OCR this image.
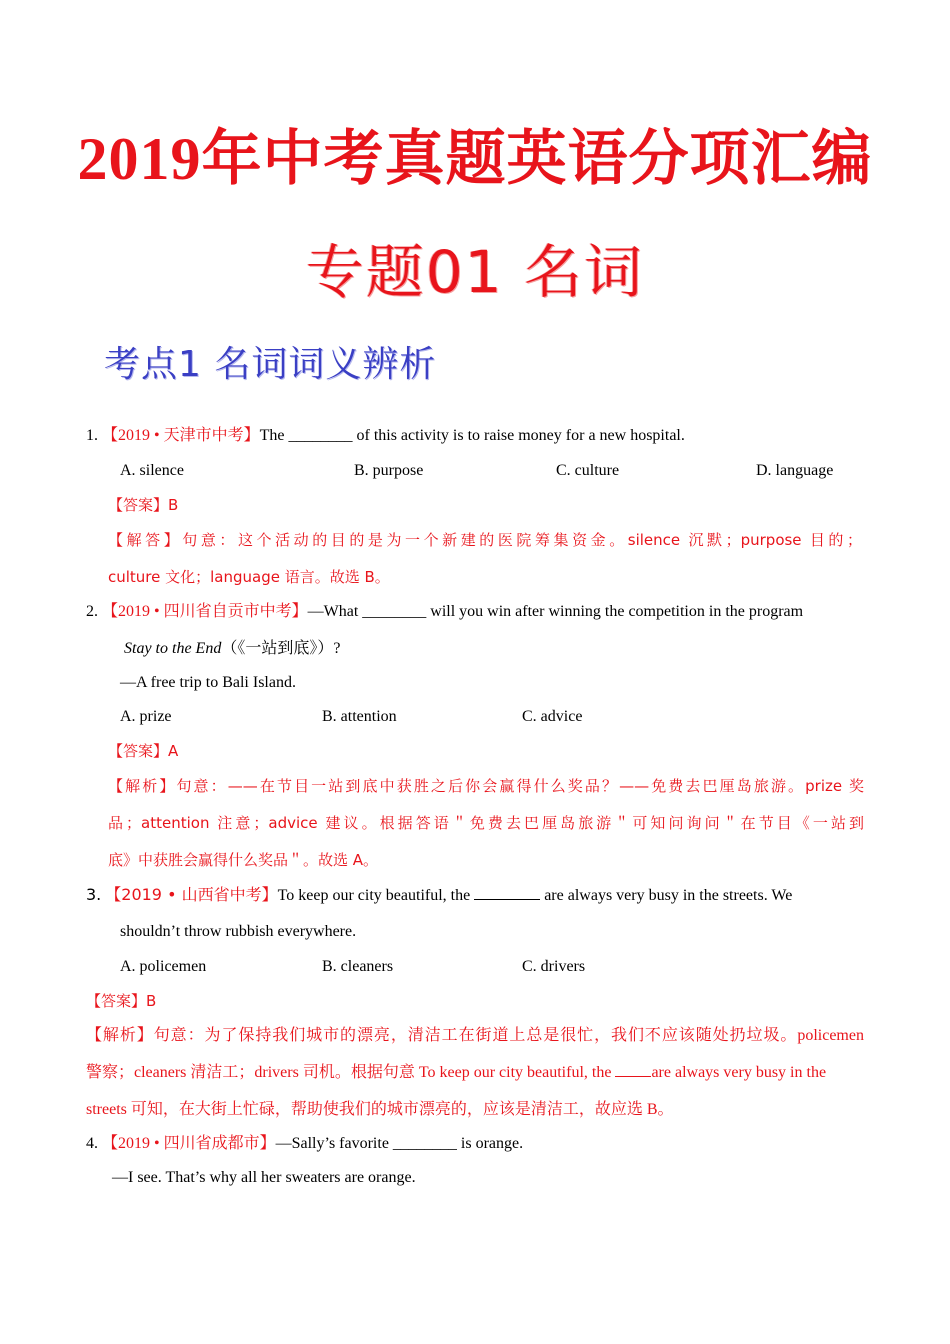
2019年中考真题英语分项汇编
专题01 名词
考点1 名词词义辨析
1. 【2019 • 天津市中考】The ________ of this activity is to raise money for a new hospital.
A. silence	B. purpose	C. culture	D. language
【答案】B
【解答】句意：这个活动的目的是为一个新建的医院筹集资金。silence 沉默；purpose 目的；
culture 文化；language 语言。故选 B。
2. 【2019 • 四川省自贡市中考】—What ________ will you win after winning the competition in the program
Stay to the End（《一站到底》）?
—A free trip to Bali Island.
A. prize	B. attention	C. advice
【答案】A
【解析】句意：——在节目一站到底中获胜之后你会赢得什么奖品？——免费去巴厘岛旅游。prize 奖
品；attention 注意；advice 建议。根据答语＂免费去巴厘岛旅游＂可知问询问＂在节目《一站到
底》中获胜会赢得什么奖品＂。故选 A。
3. 【2019 • 山西省中考】To keep our city beautiful, the	are always very busy in the streets. We
shouldn’t throw rubbish everywhere.
A. policemen	B. cleaners	C. drivers
【答案】B
【解析】句意：为了保持我们城市的漂亮，清洁工在街道上总是很忙，我们不应该随处扔垃圾。policemen
警察；cleaners 清洁工；drivers 司机。根据句意 To keep our city beautiful, the	are always very busy in the
streets 可知，在大街上忙碌，帮助使我们的城市漂亮的，应该是清洁工，故应选 B。
4. 【2019 • 四川省成都市】—Sally’s favorite ________ is orange.
—I see. That’s why all her sweaters are orange.
